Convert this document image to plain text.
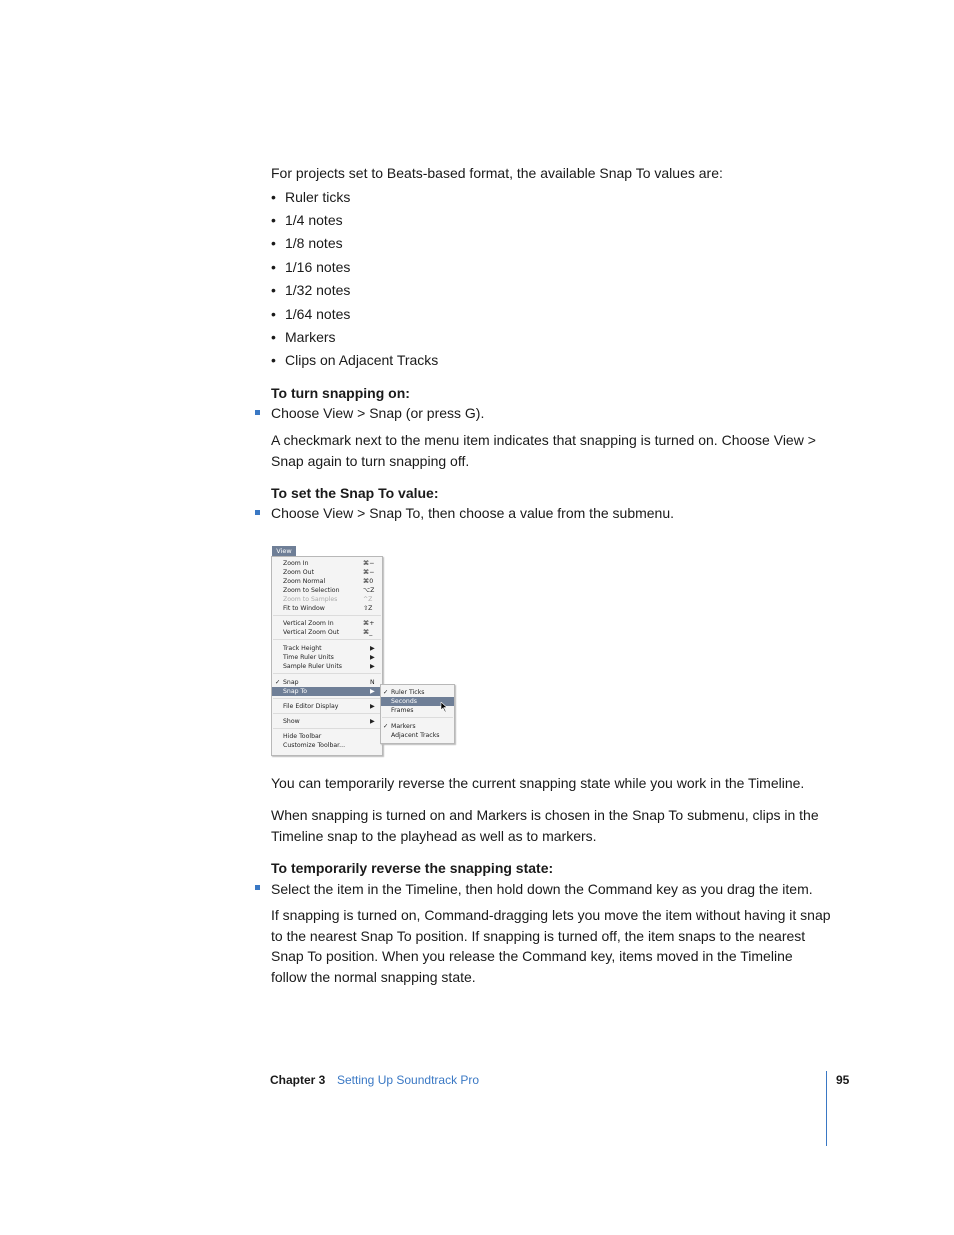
For projects set to Beats-based format, the available Snap To values are:

• Ruler ticks
• 1/4 notes
• 1/8 notes
• 1/16 notes
• 1/32 notes
• 1/64 notes
• Markers
• Clips on Adjacent Tracks
To turn snapping on:
Choose View > Snap (or press G).

A checkmark next to the menu item indicates that snapping is turned on. Choose View > Snap again to turn snapping off.

To set the Snap To value:
Choose View > Snap To, then choose a value from the submenu.
View
Zoom In	⌘−
Zoom Out	⌘−
Zoom Normal	⌘0
Zoom to Selection	⌥Z
Zoom to Samples	^Z
Fit to Window	⇧Z
Vertical Zoom In	⌘+
Vertical Zoom Out	⌘_
Track Height	▶
Time Ruler Units	▶
Sample Ruler Units	▶
✓ Snap	N
Snap To	▶
File Editor Display	▶
Show	▶
Hide Toolbar
Customize Toolbar...
✓ Ruler Ticks
Seconds
Frames
✓ Markers
Adjacent Tracks

You can temporarily reverse the current snapping state while you work in the Timeline.

When snapping is turned on and Markers is chosen in the Snap To submenu, clips in the Timeline snap to the playhead as well as to markers.

To temporarily reverse the snapping state:
Select the item in the Timeline, then hold down the Command key as you drag the item.

If snapping is turned on, Command-dragging lets you move the item without having it snap to the nearest Snap To position. If snapping is turned off, the item snaps to the nearest Snap To position. When you release the Command key, items moved in the Timeline follow the normal snapping state.

Chapter 3 Setting Up Soundtrack Pro	95
